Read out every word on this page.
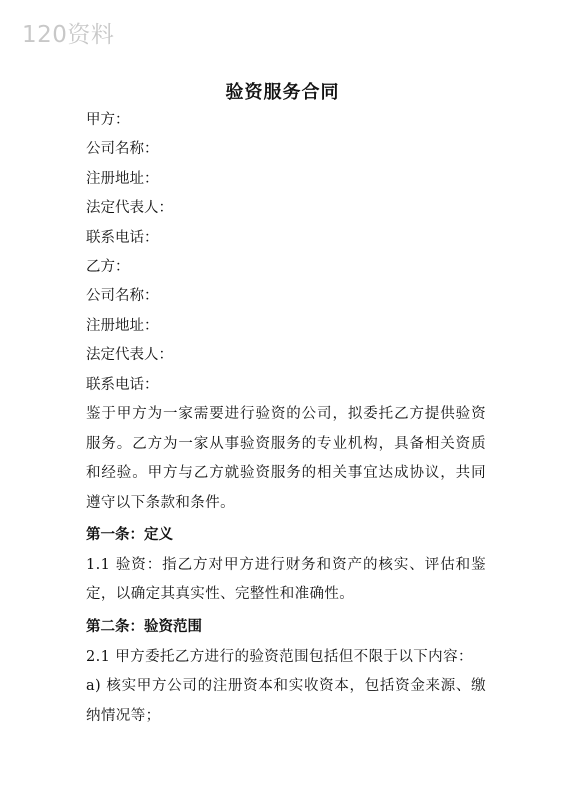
120资料
验资服务合同
甲方：
公司名称：
注册地址：
法定代表人：
联系电话：
乙方：
公司名称：
注册地址：
法定代表人：
联系电话：
鉴于甲方为一家需要进行验资的公司，拟委托乙方提供验资服务。乙方为一家从事验资服务的专业机构，具备相关资质和经验。甲方与乙方就验资服务的相关事宜达成协议，共同遵守以下条款和条件。
第一条：定义
1.1 验资：指乙方对甲方进行财务和资产的核实、评估和鉴定，以确定其真实性、完整性和准确性。
第二条：验资范围
2.1 甲方委托乙方进行的验资范围包括但不限于以下内容：
a) 核实甲方公司的注册资本和实收资本，包括资金来源、缴纳情况等；
